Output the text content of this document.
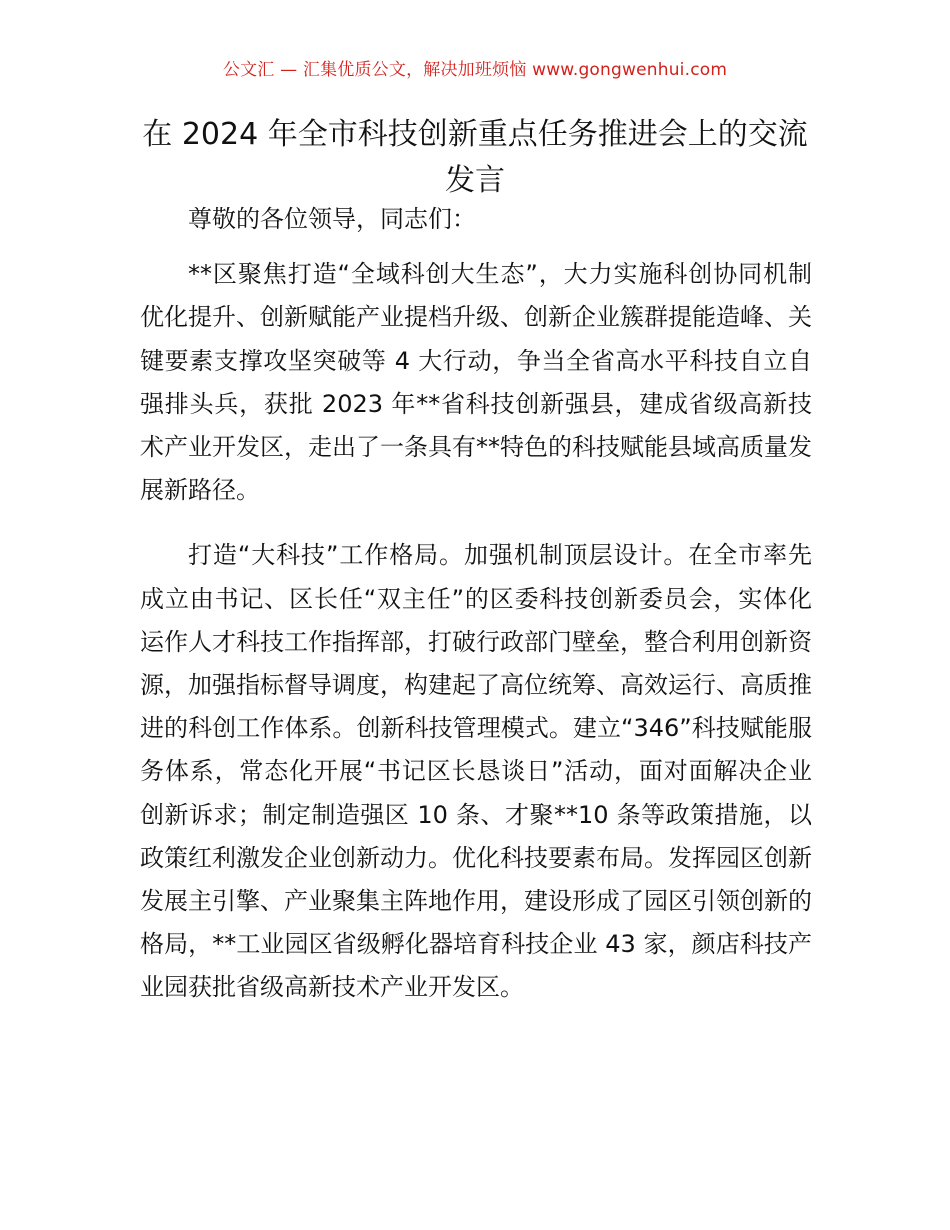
公文汇 — 汇集优质公文，解决加班烦恼 www.gongwenhui.com
在 2024 年全市科技创新重点任务推进会上的交流发言

尊敬的各位领导，同志们：

**区聚焦打造“全域科创大生态”，大力实施科创协同机制优化提升、创新赋能产业提档升级、创新企业簇群提能造峰、关键要素支撑攻坚突破等 4 大行动，争当全省高水平科技自立自强排头兵，获批 2023 年**省科技创新强县，建成省级高新技术产业开发区，走出了一条具有**特色的科技赋能县域高质量发展新路径。

打造“大科技”工作格局。加强机制顶层设计。在全市率先成立由书记、区长任“双主任”的区委科技创新委员会，实体化运作人才科技工作指挥部，打破行政部门壁垒，整合利用创新资源，加强指标督导调度，构建起了高位统筹、高效运行、高质推进的科创工作体系。创新科技管理模式。建立“346”科技赋能服务体系，常态化开展“书记区长恳谈日”活动，面对面解决企业创新诉求；制定制造强区 10 条、才聚**10 条等政策措施，以政策红利激发企业创新动力。优化科技要素布局。发挥园区创新发展主引擎、产业聚集主阵地作用，建设形成了园区引领创新的格局，**工业园区省级孵化器培育科技企业 43 家，颜店科技产业园获批省级高新技术产业开发区。
